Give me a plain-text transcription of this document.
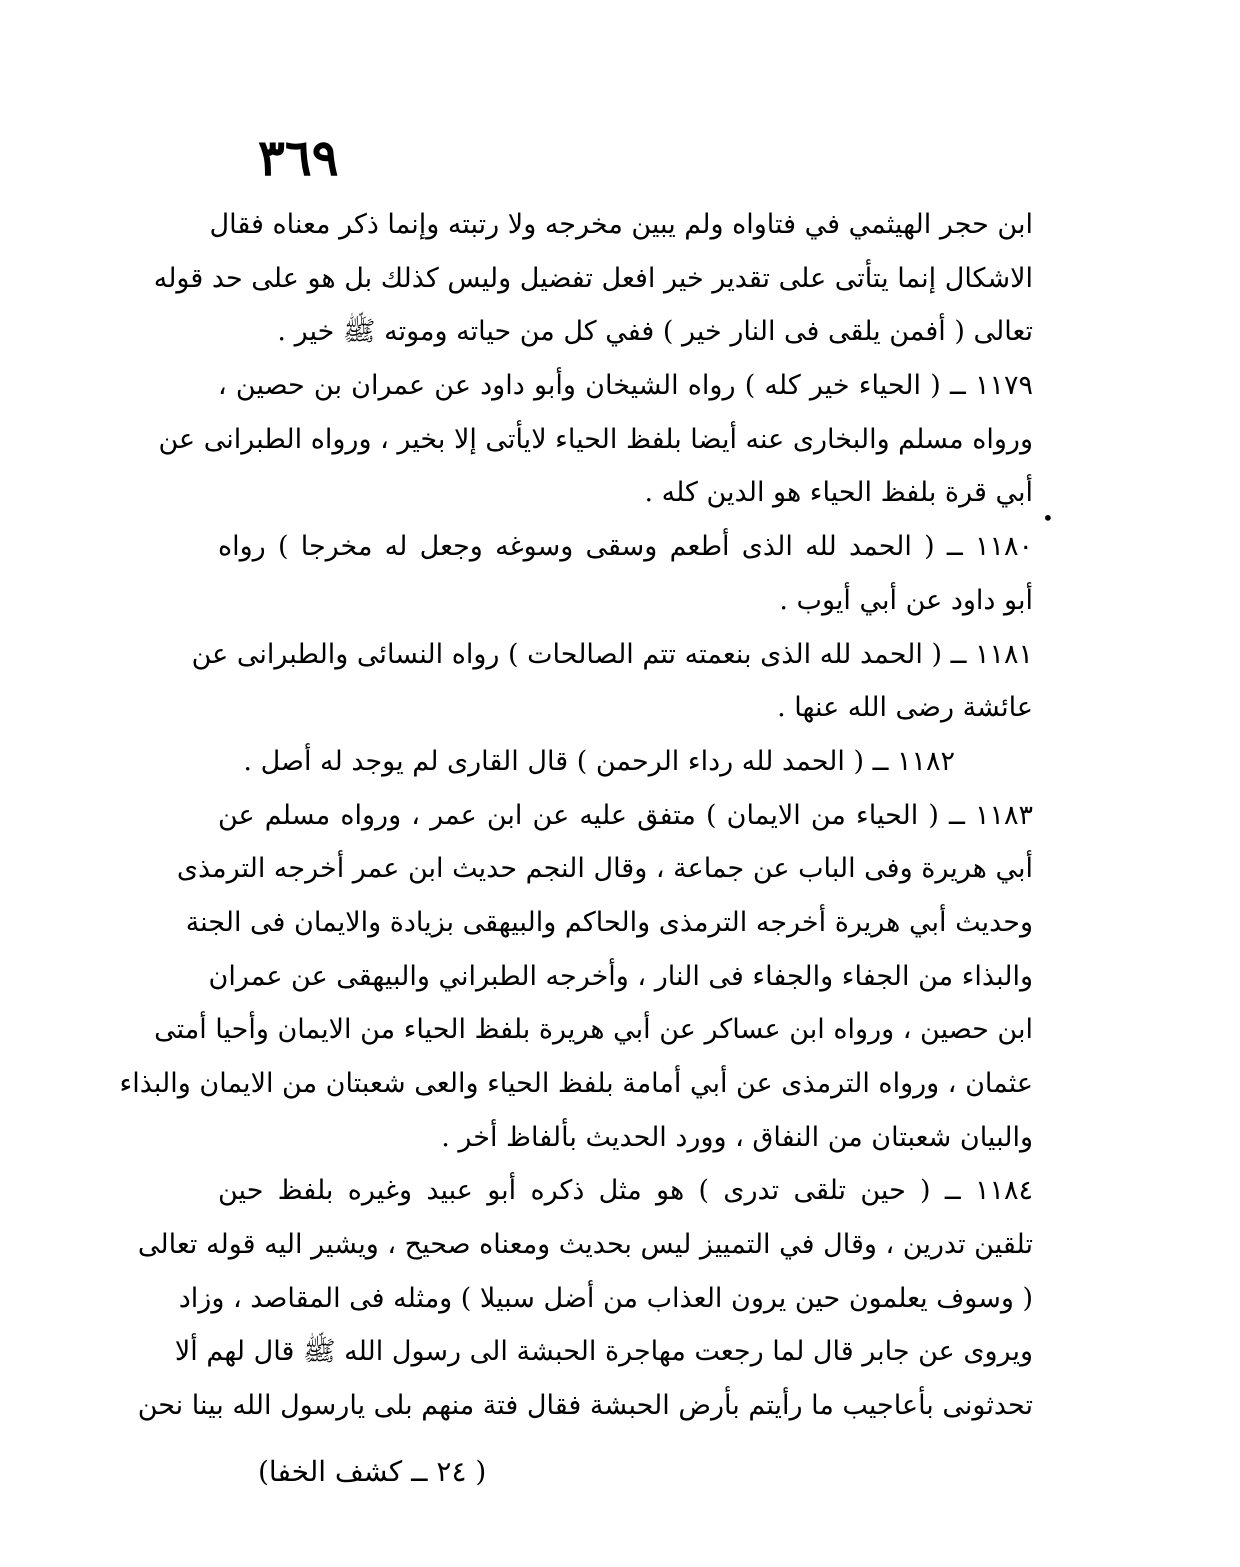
٣٦٩
ابن حجر الهيثمي في فتاواه ولم يبين مخرجه ولا رتبته وإنما ذكر معناه فقال
الاشكال إنما يتأتى على تقدير خير افعل تفضيل وليس كذلك بل هو على حد قوله
تعالى ( أفمن يلقى فى النار خير ) ففي كل من حياته وموته ﷺ خير .
١١٧٩ ــ ( الحياء خير كله ) رواه الشيخان وأبو داود عن عمران بن حصين ،
ورواه مسلم والبخارى عنه أيضا بلفظ الحياء لايأتى إلا بخير ، ورواه الطبرانى عن
أبي قرة بلفظ الحياء هو الدين كله .
١١٨٠ ــ ( الحمد لله الذى أطعم وسقى وسوغه وجعل له مخرجا ) رواه
أبو داود عن أبي أيوب .
١١٨١ ــ ( الحمد لله الذى بنعمته تتم الصالحات ) رواه النسائى والطبرانى عن
عائشة رضى الله عنها .
١١٨٢ ــ ( الحمد لله رداء الرحمن ) قال القارى لم يوجد له أصل .
١١٨٣ ــ ( الحياء من الايمان ) متفق عليه عن ابن عمر ، ورواه مسلم عن
أبي هريرة وفى الباب عن جماعة ، وقال النجم حديث ابن عمر أخرجه الترمذى
وحديث أبي هريرة أخرجه الترمذى والحاكم والبيهقى بزيادة والايمان فى الجنة
والبذاء من الجفاء والجفاء فى النار ، وأخرجه الطبراني والبيهقى عن عمران
ابن حصين ، ورواه ابن عساكر عن أبي هريرة بلفظ الحياء من الايمان وأحيا أمتى
عثمان ، ورواه الترمذى عن أبي أمامة بلفظ الحياء والعى شعبتان من الايمان والبذاء
والبيان شعبتان من النفاق ، وورد الحديث بألفاظ أخر .
١١٨٤ ــ ( حين تلقى تدرى ) هو مثل ذكره أبو عبيد وغيره بلفظ حين
تلقين تدرين ، وقال في التمييز ليس بحديث ومعناه صحيح ، ويشير اليه قوله تعالى
( وسوف يعلمون حين يرون العذاب من أضل سبيلا ) ومثله فى المقاصد ، وزاد
ويروى عن جابر قال لما رجعت مهاجرة الحبشة الى رسول الله ﷺ قال لهم ألا
تحدثونى بأعاجيب ما رأيتم بأرض الحبشة فقال فتة منهم بلى يارسول الله بينا نحن
•
( ٢٤ ــ كشف الخفا)
